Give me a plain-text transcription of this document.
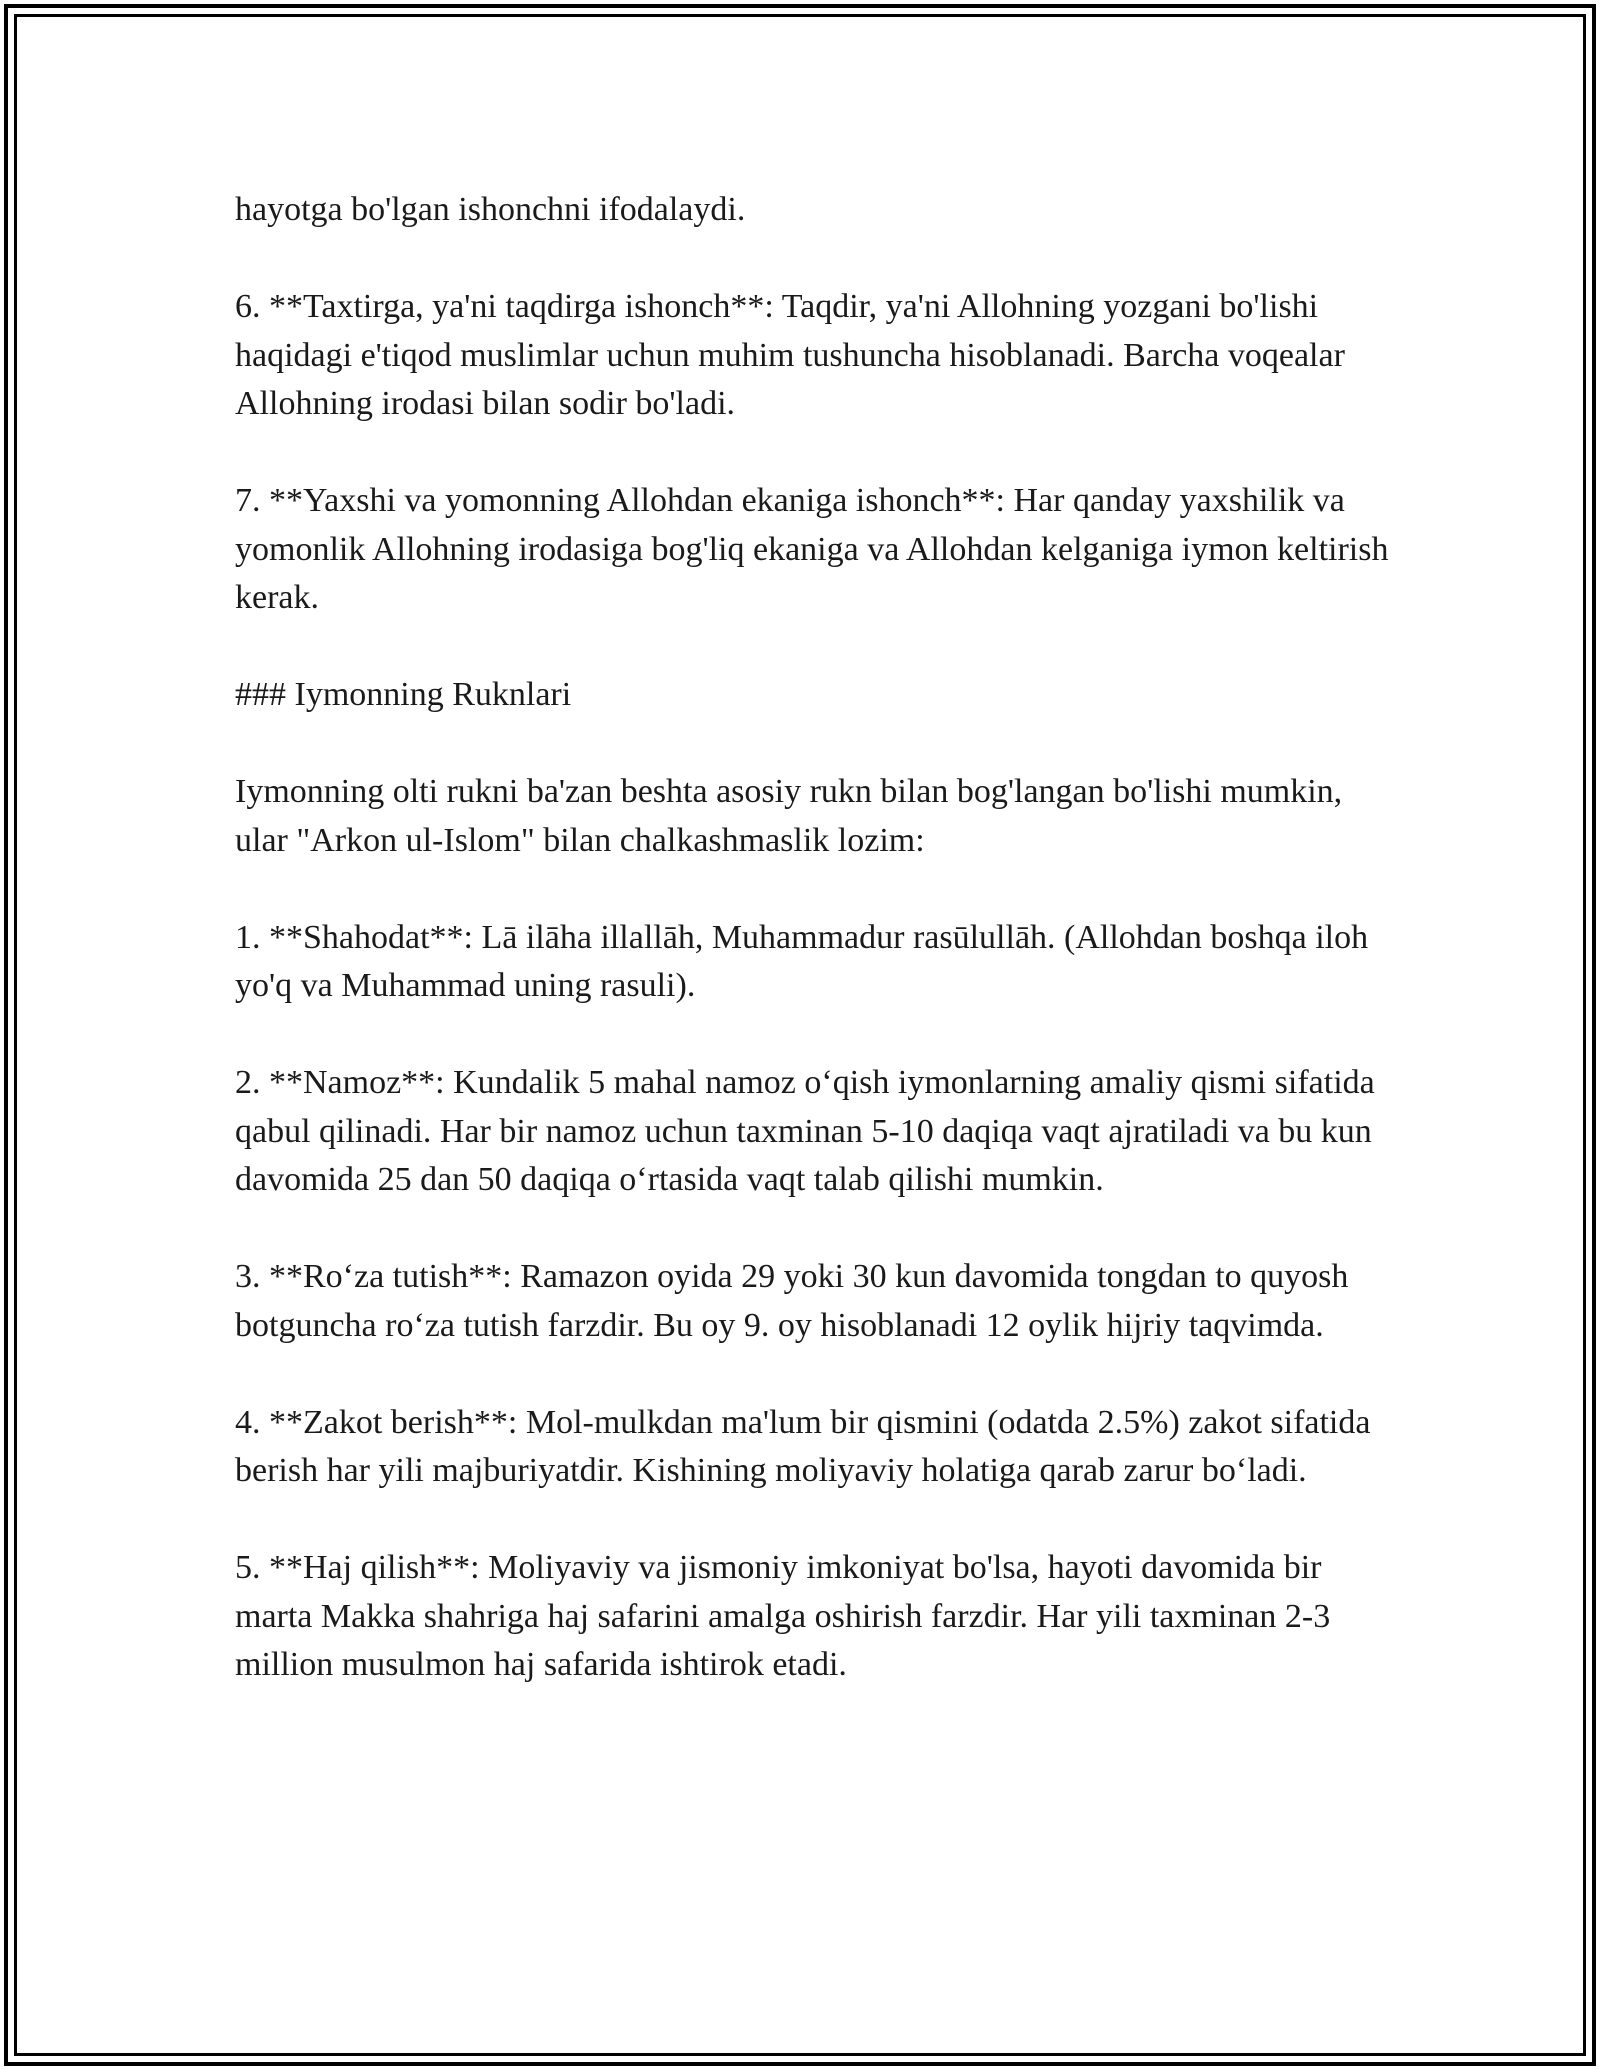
hayotga bo'lgan ishonchni ifodalaydi.

6. **Taxtirga, ya'ni taqdirga ishonch**: Taqdir, ya'ni Allohning yozgani bo'lishi haqidagi e'tiqod muslimlar uchun muhim tushuncha hisoblanadi. Barcha voqealar Allohning irodasi bilan sodir bo'ladi.

7. **Yaxshi va yomonning Allohdan ekaniga ishonch**: Har qanday yaxshilik va yomonlik Allohning irodasiga bog'liq ekaniga va Allohdan kelganiga iymon keltirish kerak.

### Iymonning Ruknlari

Iymonning olti rukni ba'zan beshta asosiy rukn bilan bog'langan bo'lishi mumkin, ular "Arkon ul-Islom" bilan chalkashmaslik lozim:

1. **Shahodat**: Lā ilāha illallāh, Muhammadur rasūlullāh. (Allohdan boshqa iloh yo'q va Muhammad uning rasuli).

2. **Namoz**: Kundalik 5 mahal namoz o‘qish iymonlarning amaliy qismi sifatida qabul qilinadi. Har bir namoz uchun taxminan 5-10 daqiqa vaqt ajratiladi va bu kun davomida 25 dan 50 daqiqa o‘rtasida vaqt talab qilishi mumkin.

3. **Ro‘za tutish**: Ramazon oyida 29 yoki 30 kun davomida tongdan to quyosh botguncha ro‘za tutish farzdir. Bu oy 9. oy hisoblanadi 12 oylik hijriy taqvimda.

4. **Zakot berish**: Mol-mulkdan ma'lum bir qismini (odatda 2.5%) zakot sifatida berish har yili majburiyatdir. Kishining moliyaviy holatiga qarab zarur bo‘ladi.

5. **Haj qilish**: Moliyaviy va jismoniy imkoniyat bo'lsa, hayoti davomida bir marta Makka shahriga haj safarini amalga oshirish farzdir. Har yili taxminan 2-3 million musulmon haj safarida ishtirok etadi.
